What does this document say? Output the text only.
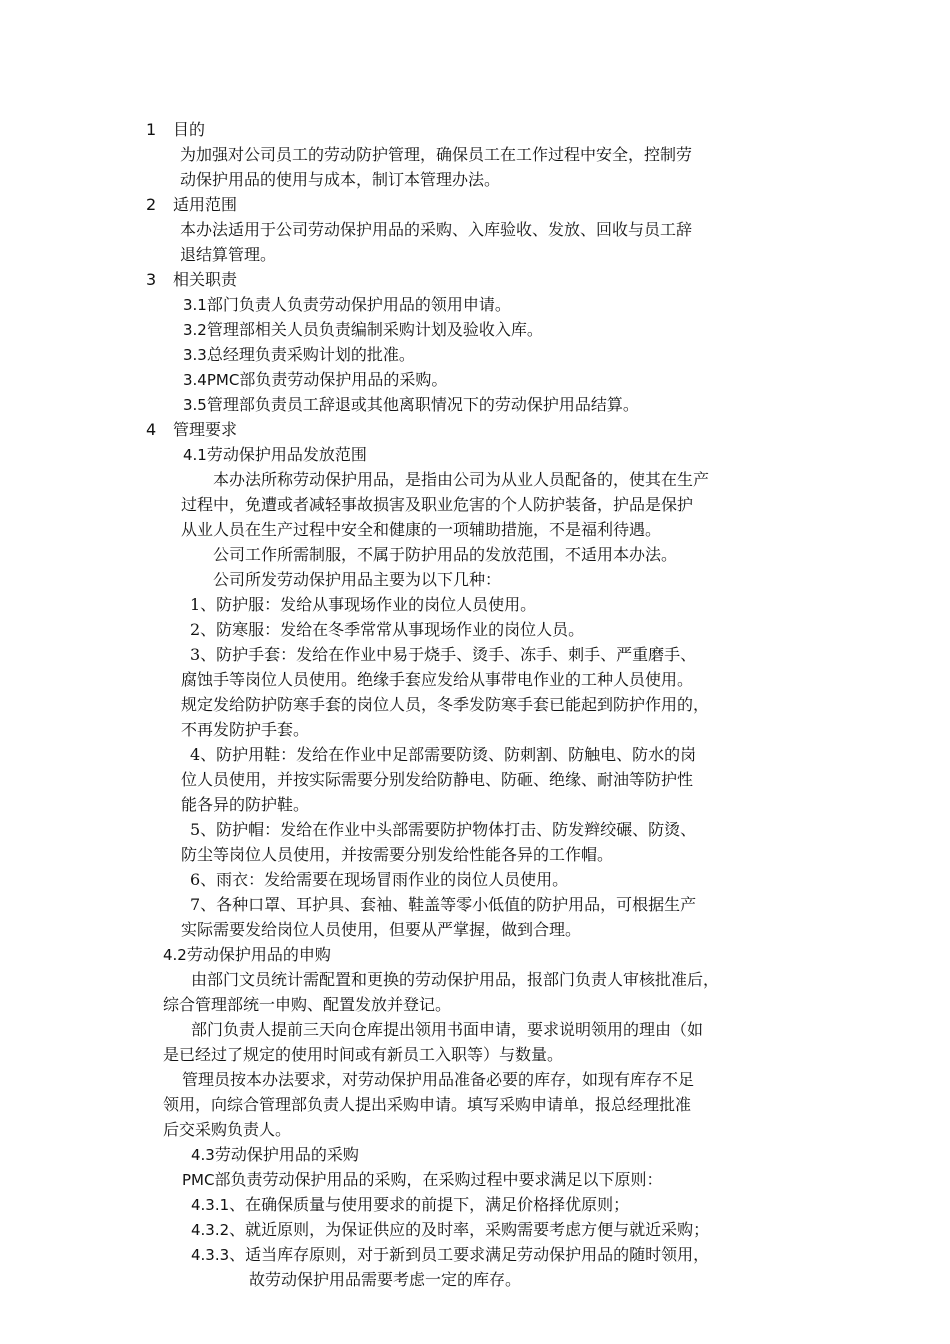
1 目的
为加强对公司员工的劳动防护管理，确保员工在工作过程中安全，控制劳
动保护用品的使用与成本，制订本管理办法。
2 适用范围
本办法适用于公司劳动保护用品的采购、入库验收、发放、回收与员工辞
退结算管理。
3 相关职责
3.1部门负责人负责劳动保护用品的领用申请。
3.2管理部相关人员负责编制采购计划及验收入库。
3.3总经理负责采购计划的批准。
3.4PMC部负责劳动保护用品的采购。
3.5管理部负责员工辞退或其他离职情况下的劳动保护用品结算。
4 管理要求
4.1劳动保护用品发放范围
本办法所称劳动保护用品，是指由公司为从业人员配备的，使其在生产
过程中，免遭或者减轻事故损害及职业危害的个人防护装备，护品是保护
从业人员在生产过程中安全和健康的一项辅助措施，不是福利待遇。
公司工作所需制服，不属于防护用品的发放范围，不适用本办法。
公司所发劳动保护用品主要为以下几种：
1、防护服：发给从事现场作业的岗位人员使用。
2、防寒服：发给在冬季常常从事现场作业的岗位人员。
3、防护手套：发给在作业中易于烧手、烫手、冻手、刺手、严重磨手、
腐蚀手等岗位人员使用。绝缘手套应发给从事带电作业的工种人员使用。
规定发给防护防寒手套的岗位人员，冬季发防寒手套已能起到防护作用的，
不再发防护手套。
4、防护用鞋：发给在作业中足部需要防烫、防刺割、防触电、防水的岗
位人员使用，并按实际需要分别发给防静电、防砸、绝缘、耐油等防护性
能各异的防护鞋。
5、防护帽：发给在作业中头部需要防护物体打击、防发辫绞碾、防烫、
防尘等岗位人员使用，并按需要分别发给性能各异的工作帽。
6、雨衣：发给需要在现场冒雨作业的岗位人员使用。
7、各种口罩、耳护具、套袖、鞋盖等零小低值的防护用品，可根据生产
实际需要发给岗位人员使用，但要从严掌握，做到合理。
4.2劳动保护用品的申购
由部门文员统计需配置和更换的劳动保护用品，报部门负责人审核批准后，
综合管理部统一申购、配置发放并登记。
部门负责人提前三天向仓库提出领用书面申请，要求说明领用的理由（如
是已经过了规定的使用时间或有新员工入职等）与数量。
管理员按本办法要求，对劳动保护用品准备必要的库存，如现有库存不足
领用，向综合管理部负责人提出采购申请。填写采购申请单，报总经理批准
后交采购负责人。
4.3劳动保护用品的采购
PMC部负责劳动保护用品的采购，在采购过程中要求满足以下原则：
4.3.1、在确保质量与使用要求的前提下，满足价格择优原则；
4.3.2、就近原则，为保证供应的及时率，采购需要考虑方便与就近采购；
4.3.3、适当库存原则，对于新到员工要求满足劳动保护用品的随时领用，
故劳动保护用品需要考虑一定的库存。
